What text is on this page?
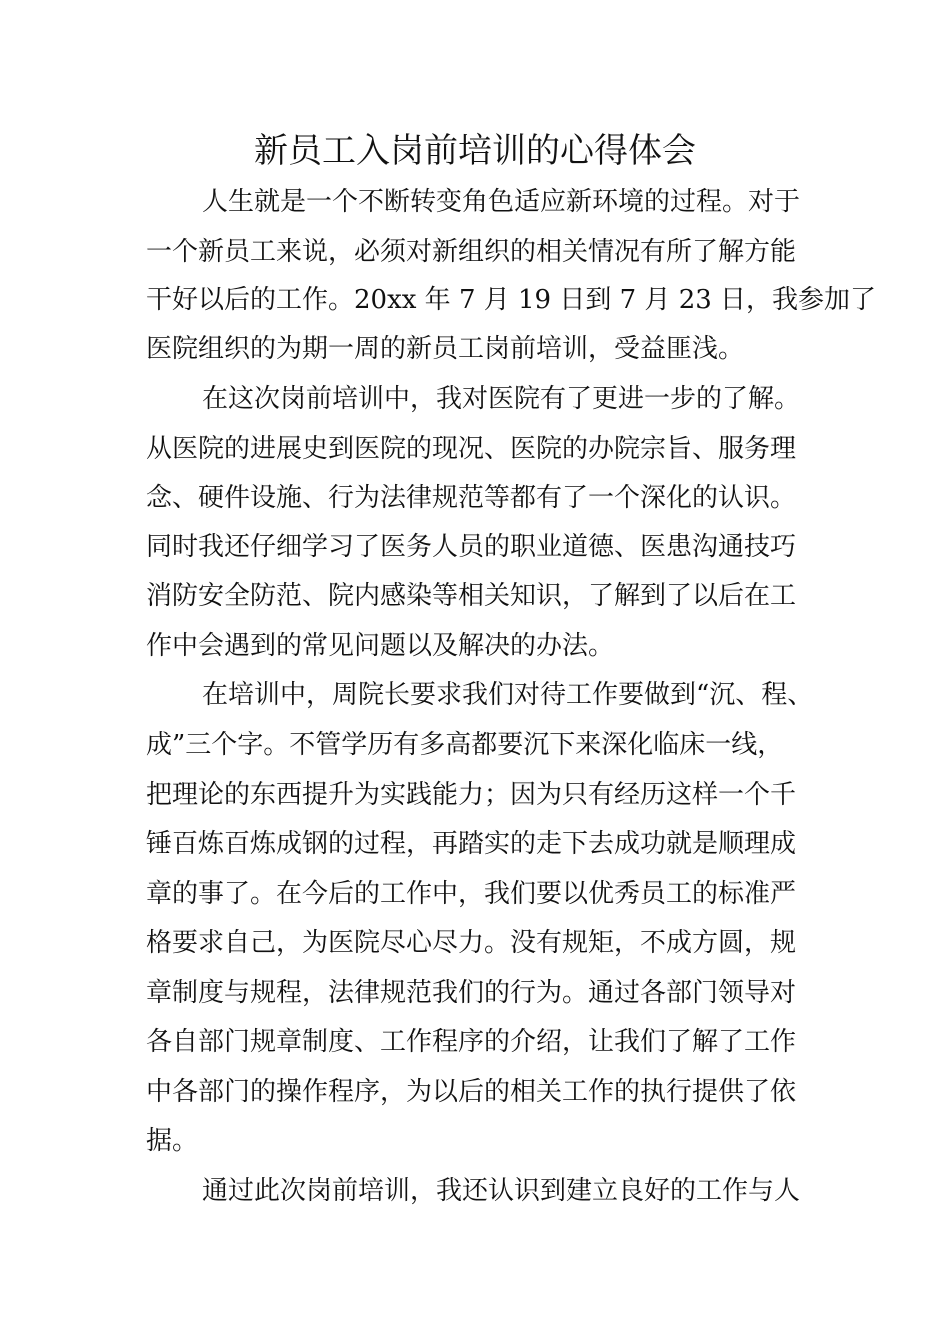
新员工入岗前培训的心得体会
人生就是一个不断转变角色适应新环境的过程。对于
一个新员工来说，必须对新组织的相关情况有所了解方能
干好以后的工作。20xx 年 7 月 19 日到 7 月 23 日，我参加了
医院组织的为期一周的新员工岗前培训，受益匪浅。
在这次岗前培训中，我对医院有了更进一步的了解。
从医院的进展史到医院的现况、医院的办院宗旨、服务理
念、硬件设施、行为法律规范等都有了一个深化的认识。
同时我还仔细学习了医务人员的职业道德、医患沟通技巧
消防安全防范、院内感染等相关知识，了解到了以后在工
作中会遇到的常见问题以及解决的办法。
在培训中，周院长要求我们对待工作要做到“沉、程、
成”三个字。不管学历有多高都要沉下来深化临床一线，
把理论的东西提升为实践能力；因为只有经历这样一个千
锤百炼百炼成钢的过程，再踏实的走下去成功就是顺理成
章的事了。在今后的工作中，我们要以优秀员工的标准严
格要求自己，为医院尽心尽力。没有规矩，不成方圆，规
章制度与规程，法律规范我们的行为。通过各部门领导对
各自部门规章制度、工作程序的介绍，让我们了解了工作
中各部门的操作程序，为以后的相关工作的执行提供了依
据。
通过此次岗前培训，我还认识到建立良好的工作与人
